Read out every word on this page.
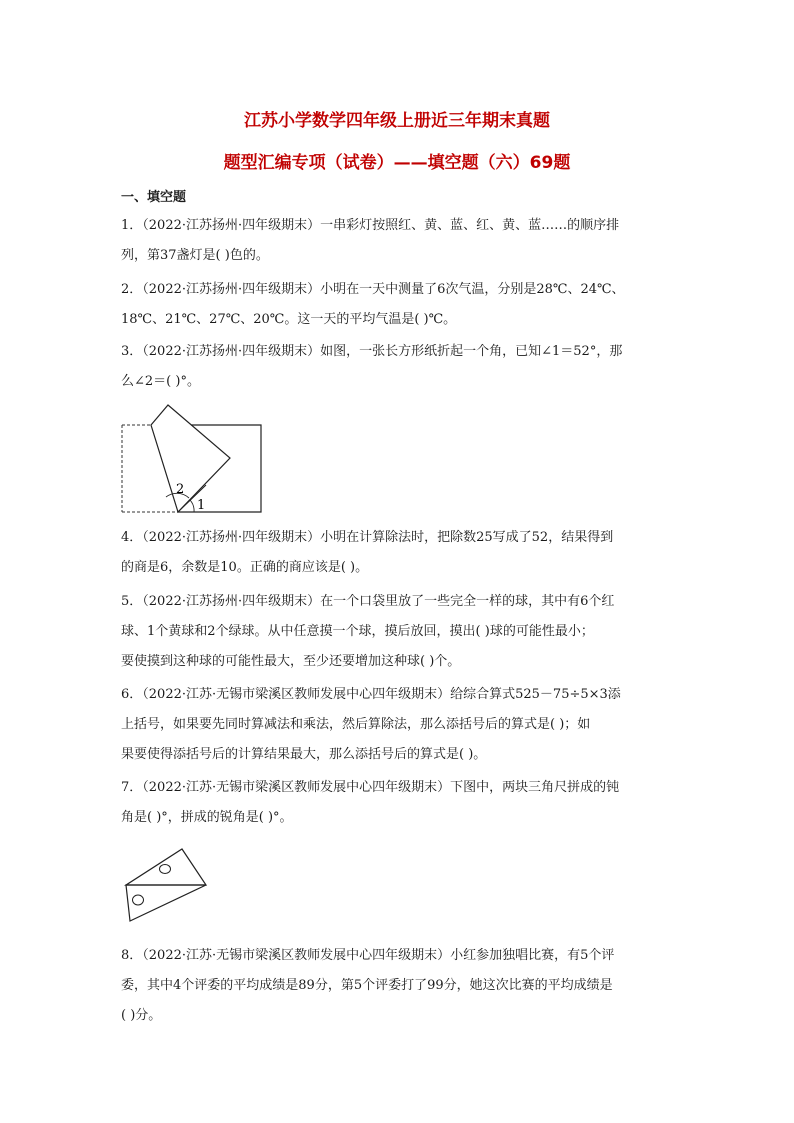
江苏小学数学四年级上册近三年期末真题
题型汇编专项（试卷）——填空题（六）69题
一、填空题
1．（2022·江苏扬州·四年级期末）一串彩灯按照红、黄、蓝、红、黄、蓝……的顺序排
列，第37盏灯是( )色的。
2．（2022·江苏扬州·四年级期末）小明在一天中测量了6次气温，分别是28℃、24℃、
18℃、21℃、27℃、20℃。这一天的平均气温是( )℃。
3．（2022·江苏扬州·四年级期末）如图，一张长方形纸折起一个角，已知∠1＝52°，那
么∠2＝( )°。
2
1
4．（2022·江苏扬州·四年级期末）小明在计算除法时，把除数25写成了52，结果得到
的商是6，余数是10。正确的商应该是( )。
5．（2022·江苏扬州·四年级期末）在一个口袋里放了一些完全一样的球，其中有6个红
球、1个黄球和2个绿球。从中任意摸一个球，摸后放回，摸出( )球的可能性最小；
要使摸到这种球的可能性最大，至少还要增加这种球( )个。
6．（2022·江苏·无锡市梁溪区教师发展中心四年级期末）给综合算式525－75÷5×3添
上括号，如果要先同时算减法和乘法，然后算除法，那么添括号后的算式是( )；如
果要使得添括号后的计算结果最大，那么添括号后的算式是( )。
7．（2022·江苏·无锡市梁溪区教师发展中心四年级期末）下图中，两块三角尺拼成的钝
角是( )°，拼成的锐角是( )°。
8．（2022·江苏·无锡市梁溪区教师发展中心四年级期末）小红参加独唱比赛，有5个评
委，其中4个评委的平均成绩是89分，第5个评委打了99分，她这次比赛的平均成绩是
( )分。
